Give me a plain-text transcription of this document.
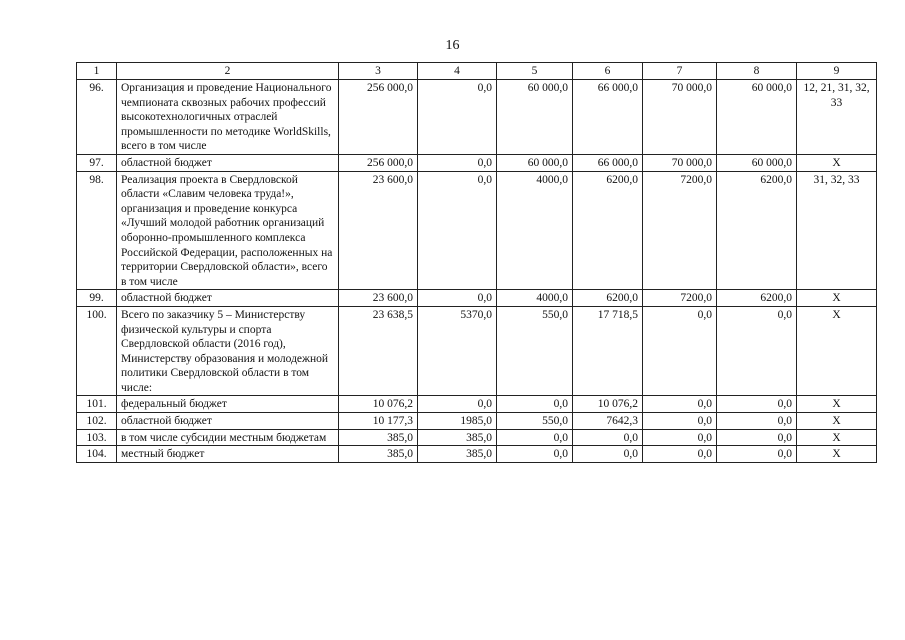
16
1	2	3	4	5	6	7	8	9
96.	Организация и проведение Национального чемпионата сквозных рабочих профессий высокотехнологичных отраслей промышленности по методике WorldSkills, всего в том числе	256 000,0	0,0	60 000,0	66 000,0	70 000,0	60 000,0	12, 21, 31, 32, 33
97.	областной бюджет	256 000,0	0,0	60 000,0	66 000,0	70 000,0	60 000,0	X
98.	Реализация проекта в Свердловской области «Славим человека труда!», организация и проведение конкурса «Лучший молодой работник организаций оборонно-промышленного комплекса Российской Федерации, расположенных на территории Свердловской области», всего в том числе	23 600,0	0,0	4000,0	6200,0	7200,0	6200,0	31, 32, 33
99.	областной бюджет	23 600,0	0,0	4000,0	6200,0	7200,0	6200,0	X
100.	Всего по заказчику 5 – Министерству физической культуры и спорта Свердловской области (2016 год), Министерству образования и молодежной политики Свердловской области в том числе:	23 638,5	5370,0	550,0	17 718,5	0,0	0,0	X
101.	федеральный бюджет	10 076,2	0,0	0,0	10 076,2	0,0	0,0	X
102.	областной бюджет	10 177,3	1985,0	550,0	7642,3	0,0	0,0	X
103.	в том числе субсидии местным бюджетам	385,0	385,0	0,0	0,0	0,0	0,0	X
104.	местный бюджет	385,0	385,0	0,0	0,0	0,0	0,0	X
